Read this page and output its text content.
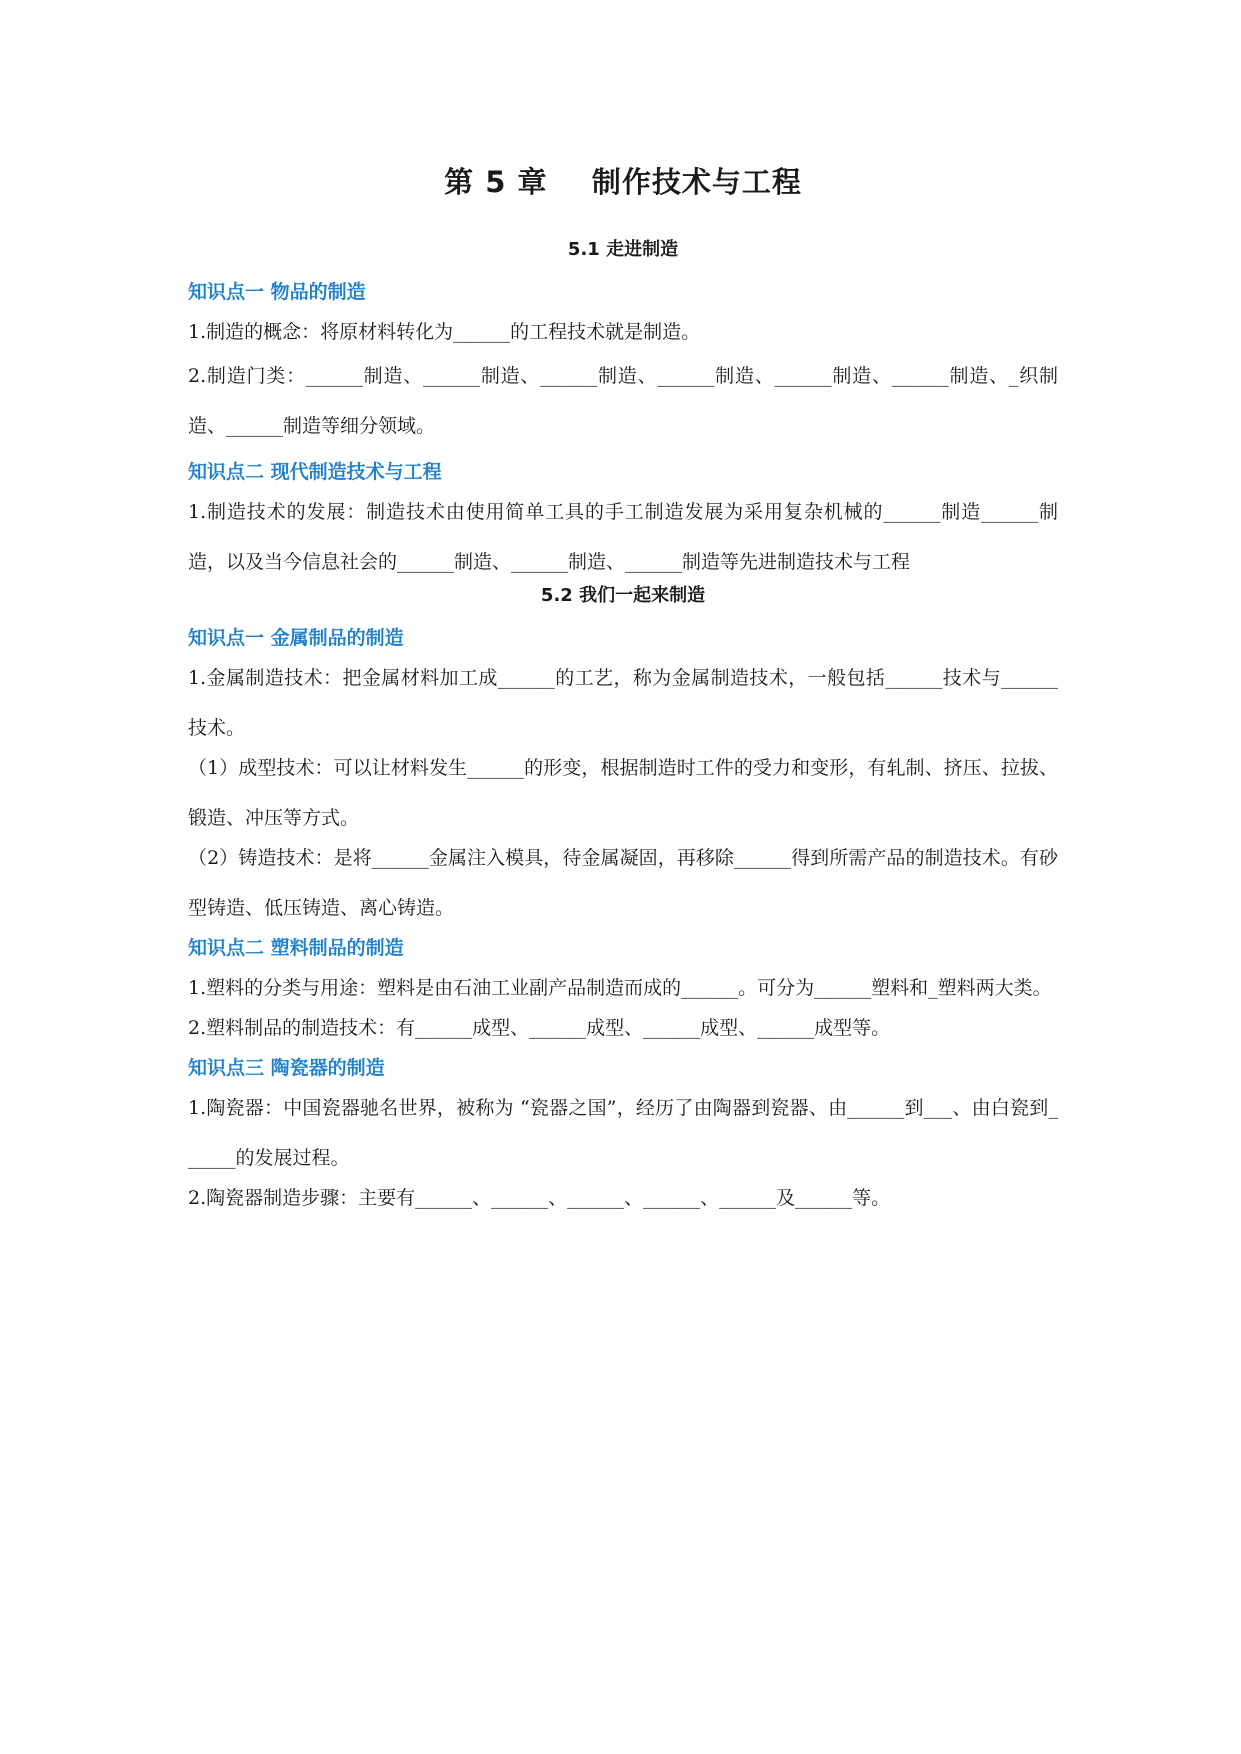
第 5 章    制作技术与工程
5.1 走进制造
知识点一 物品的制造

1.制造的概念：将原材料转化为______的工程技术就是制造。

2.制造门类：______制造、______制造、______制造、______制造、______制造、______制造、_织制造、______制造等细分领域。

知识点二 现代制造技术与工程

1.制造技术的发展：制造技术由使用简单工具的手工制造发展为采用复杂机械的______制造______制造，以及当今信息社会的______制造、______制造、______制造等先进制造技术与工程

5.2 我们一起来制造
知识点一 金属制品的制造

1.金属制造技术：把金属材料加工成______的工艺，称为金属制造技术，一般包括______技术与______技术。

（1）成型技术：可以让材料发生______的形变，根据制造时工件的受力和变形，有轧制、挤压、拉拔、锻造、冲压等方式。

（2）铸造技术：是将______金属注入模具，待金属凝固，再移除______得到所需产品的制造技术。有砂型铸造、低压铸造、离心铸造。

知识点二 塑料制品的制造

1.塑料的分类与用途：塑料是由石油工业副产品制造而成的______。可分为______塑料和_塑料两大类。

2.塑料制品的制造技术：有______成型、______成型、______成型、______成型等。

知识点三 陶瓷器的制造

1.陶瓷器：中国瓷器驰名世界，被称为 “瓷器之国”，经历了由陶器到瓷器、由______到___、由白瓷到______的发展过程。

2.陶瓷器制造步骤：主要有______、______、______、______、______及______等。
